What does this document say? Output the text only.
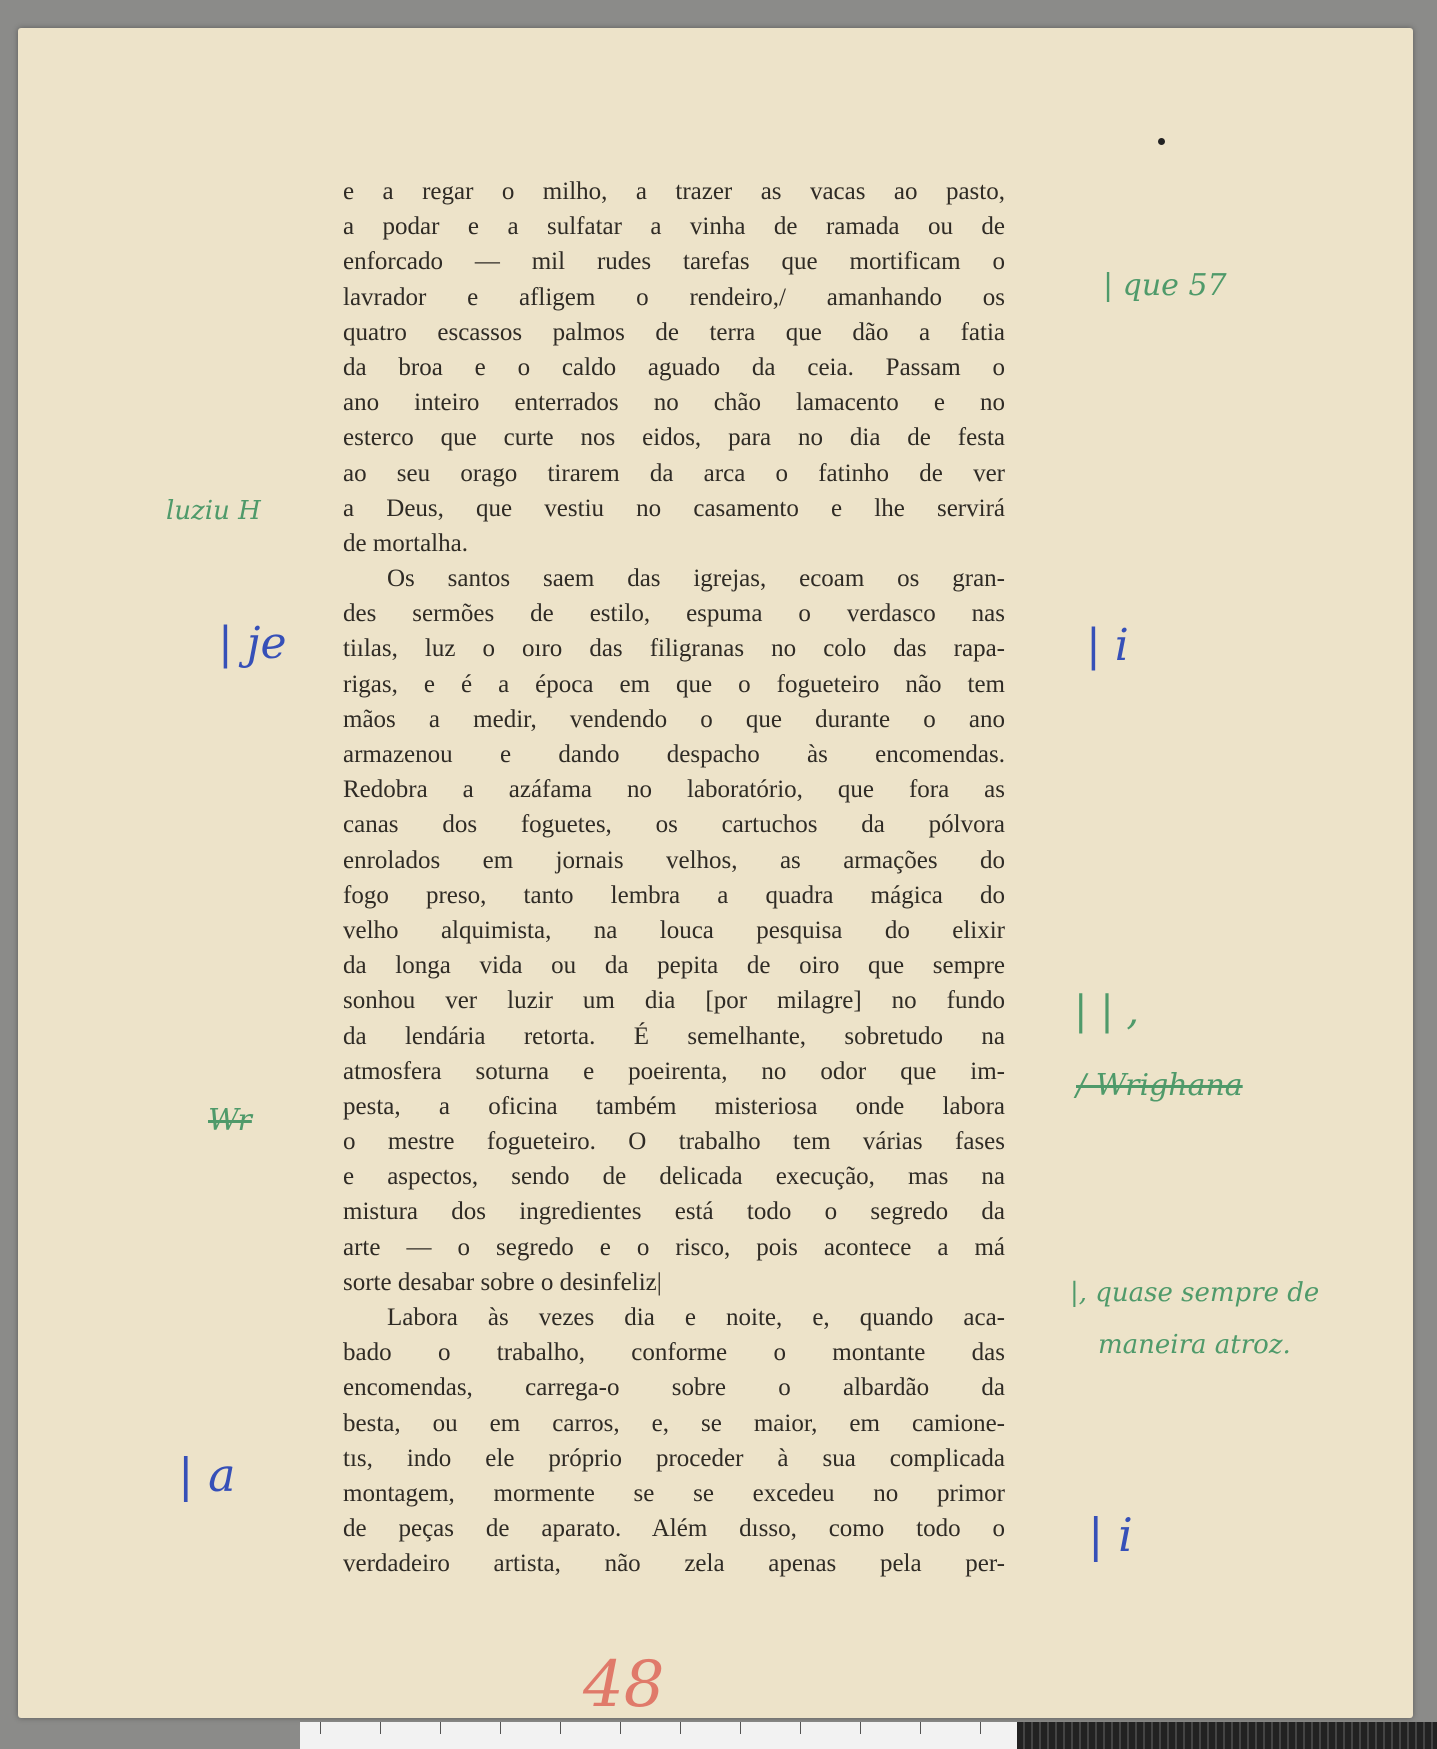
e a regar o milho, a trazer as vacas ao pasto,
a podar e a sulfatar a vinha de ramada ou de
enforcado — mil rudes tarefas que mortificam o
lavrador e afligem o rendeiro,/ amanhando os
quatro escassos palmos de terra que dão a fatia
da broa e o caldo aguado da ceia. Passam o
ano inteiro enterrados no chão lamacento e no
esterco que curte nos eidos, para no dia de festa
ao seu orago tirarem da arca o fatinho de ver
a Deus, que vestiu no casamento e lhe servirá
de mortalha.
Os santos saem das igrejas, ecoam os gran-
des sermões de estilo, espuma o verdasco nas
tiılas, luz o oıro das filigranas no colo das rapa-
rigas, e é a época em que o fogueteiro não tem
mãos a medir, vendendo o que durante o ano
armazenou e dando despacho às encomendas.
Redobra a azáfama no laboratório, que fora as
canas dos foguetes, os cartuchos da pólvora
enrolados em jornais velhos, as armações do
fogo preso, tanto lembra a quadra mágica do
velho alquimista, na louca pesquisa do elixir
da longa vida ou da pepita de oiro que sempre
sonhou ver luzir um dia [por milagre] no fundo
da lendária retorta. É semelhante, sobretudo na
atmosfera soturna e poeirenta, no odor que im-
pesta, a oficina também misteriosa onde labora
o mestre fogueteiro. O trabalho tem várias fases
e aspectos, sendo de delicada execução, mas na
mistura dos ingredientes está todo o segredo da
arte — o segredo e o risco, pois acontece a má
sorte desabar sobre o desinfeliz|
Labora às vezes dia e noite, e, quando aca-
bado o trabalho, conforme o montante das
encomendas, carrega-o sobre o albardão da
besta, ou em carros, e, se maior, em camione-
tıs, indo ele próprio proceder à sua complicada
montagem, mormente se se excedeu no primor
de peças de aparato. Além dısso, como todo o
verdadeiro artista, não zela apenas pela per-
| que 57
luziu H
| je	| i
| | ,
/ Wrighana
Wr
|, quase sempre de
maneira atroz.
| a
| i
48
